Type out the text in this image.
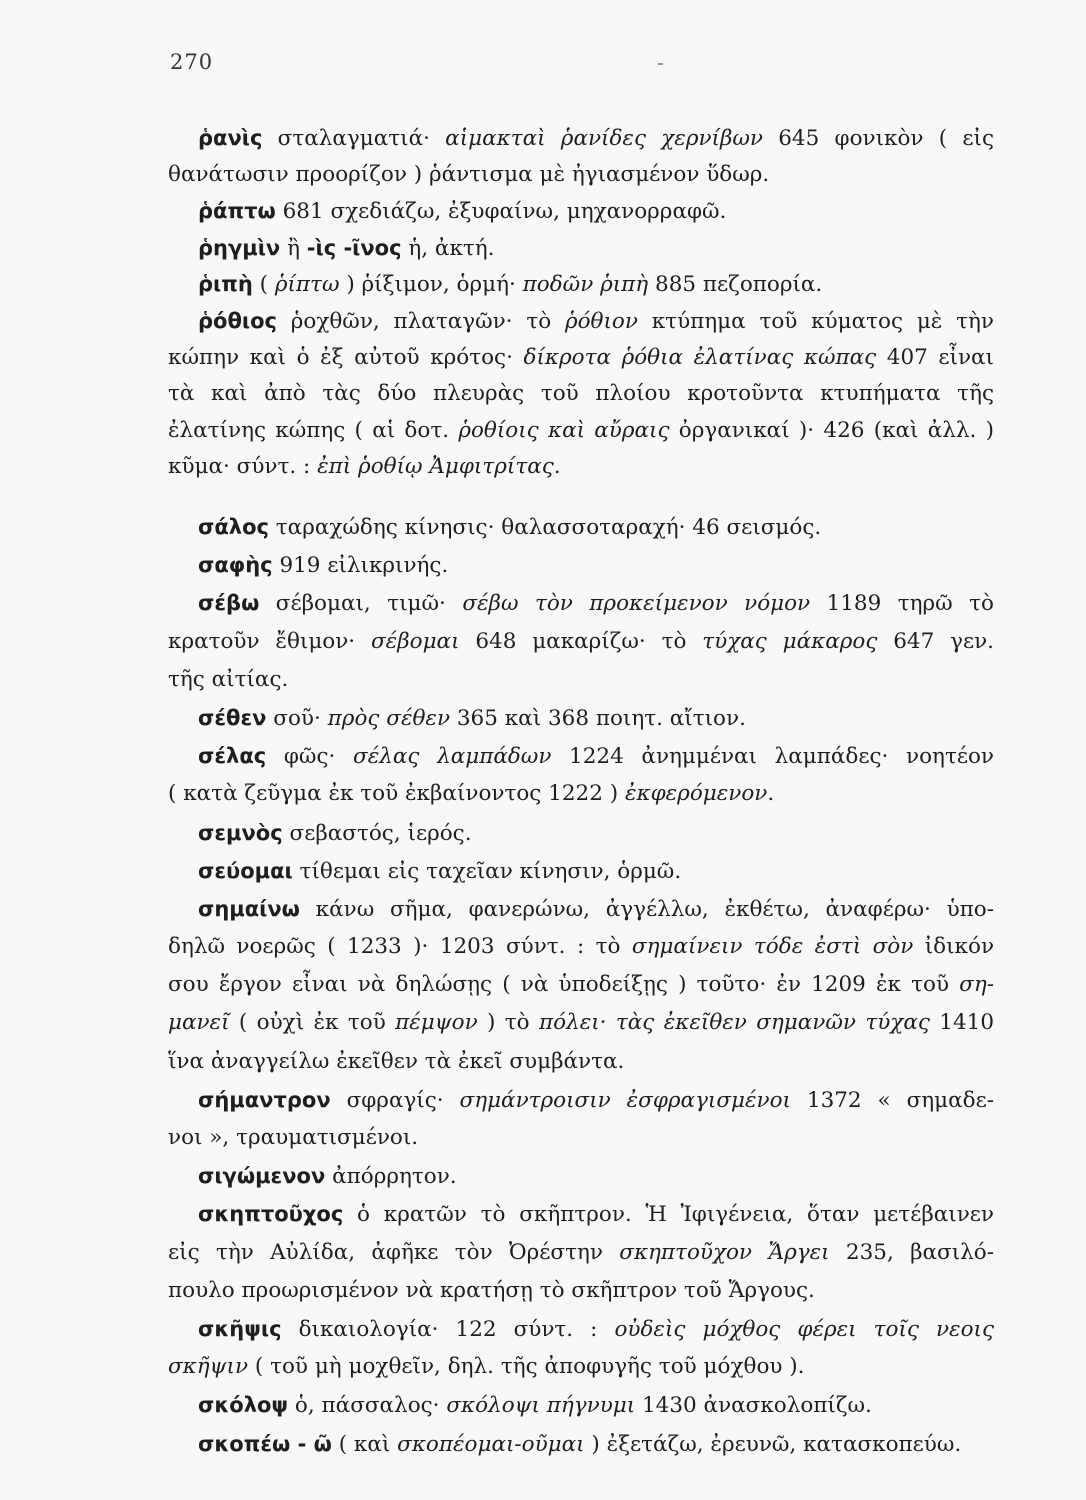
270
ῥανὶς σταλαγματιά· αἱμακταὶ ῥανίδες χερνίβων 645 φονικὸν ( εἰς
θανάτωσιν προορίζον ) ῥάντισμα μὲ ἠγιασμένον ὕδωρ.
ῥάπτω 681 σχεδιάζω, ἐξυφαίνω, μηχανορραφῶ.
ῥηγμὶν ἢ -ὶς -ῖνος ἡ, ἀκτή.
ῥιπὴ ( ῥίπτω ) ῥίξιμον, ὁρμή· ποδῶν ῥιπὴ 885 πεζοπορία.
ῥόθιος ῥοχθῶν, πλαταγῶν· τὸ ῥόθιον κτύπημα τοῦ κύματος μὲ τὴν
κώπην καὶ ὁ ἐξ αὐτοῦ κρότος· δίκροτα ῥόθια ἐλατίνας κώπας 407 εἶναι
τὰ καὶ ἀπὸ τὰς δύο πλευρὰς τοῦ πλοίου κροτοῦντα κτυπήματα τῆς
ἐλατίνης κώπης ( αἱ δοτ. ῥοθίοις καὶ αὔραις ὀργανικαί )· 426 (καὶ ἀλλ. )
κῦμα· σύντ. : ἐπὶ ῥοθίῳ Ἀμφιτρίτας.
σάλος ταραχώδης κίνησις· θαλασσοταραχή· 46 σεισμός.
σαφὴς 919 εἰλικρινής.
σέβω σέβομαι, τιμῶ· σέβω τὸν προκείμενον νόμον 1189 τηρῶ τὸ
κρατοῦν ἔθιμον· σέβομαι 648 μακαρίζω· τὸ τύχας μάκαρος 647 γεν.
τῆς αἰτίας.
σέθεν σοῦ· πρὸς σέθεν 365 καὶ 368 ποιητ. αἴτιον.
σέλας φῶς· σέλας λαμπάδων 1224 ἀνημμέναι λαμπάδες· νοητέον
( κατὰ ζεῦγμα ἐκ τοῦ ἐκβαίνοντος 1222 ) ἐκφερόμενον.
σεμνὸς σεβαστός, ἱερός.
σεύομαι τίθεμαι εἰς ταχεῖαν κίνησιν, ὁρμῶ.
σημαίνω κάνω σῆμα, φανερώνω, ἀγγέλλω, ἐκθέτω, ἀναφέρω· ὑπο-
δηλῶ νοερῶς ( 1233 )· 1203 σύντ. : τὸ σημαίνειν τόδε ἐστὶ σὸν ἰδικόν
σου ἔργον εἶναι νὰ δηλώσῃς ( νὰ ὑποδείξῃς ) τοῦτο· ἐν 1209 ἐκ τοῦ ση-
μανεῖ ( οὐχὶ ἐκ τοῦ πέμψον ) τὸ πόλει· τὰς ἐκεῖθεν σημανῶν τύχας 1410
ἵνα ἀναγγείλω ἐκεῖθεν τὰ ἐκεῖ συμβάντα.
σήμαντρον σφραγίς· σημάντροισιν ἐσφραγισμένοι 1372 « σημαδε-
νοι », τραυματισμένοι.
σιγώμενον ἀπόρρητον.
σκηπτοῦχος ὁ κρατῶν τὸ σκῆπτρον. Ἡ Ἰφιγένεια, ὅταν μετέβαινεν
εἰς τὴν Αὐλίδα, ἀφῆκε τὸν Ὀρέστην σκηπτοῦχον Ἄργει 235, βασιλό-
πουλο προωρισμένον νὰ κρατήσῃ τὸ σκῆπτρον τοῦ Ἄργους.
σκῆψις δικαιολογία· 122 σύντ. : οὐδεὶς μόχθος φέρει τοῖς νεοις
σκῆψιν ( τοῦ μὴ μοχθεῖν, δηλ. τῆς ἀποφυγῆς τοῦ μόχθου ).
σκόλοψ ὁ, πάσσαλος· σκόλοψι πήγνυμι 1430 ἀνασκολοπίζω.
σκοπέω - ῶ ( καὶ σκοπέομαι-οῦμαι ) ἐξετάζω, ἐρευνῶ, κατασκοπεύω.
